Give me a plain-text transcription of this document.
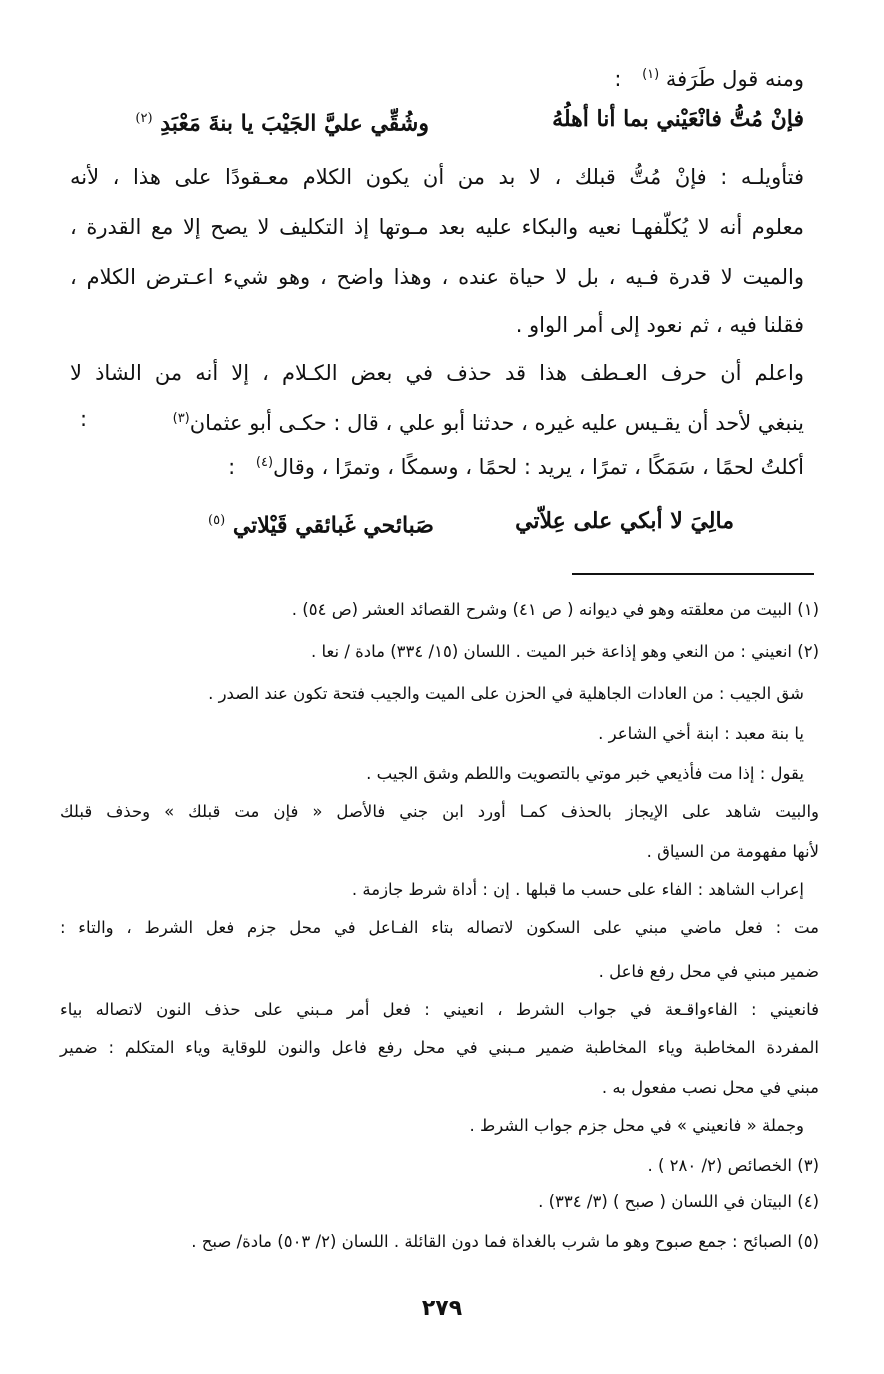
ومنه قول طَرَفة $^{(١)}$ :
فإنْ مُتُّ فانْعَيْني بما أنا أهلُهُ
وشُقِّي عليَّ الجَيْبَ يا بنةَ مَعْبَدِ $^{(٢)}$
فتأويلـه : فإنْ مُتُّ قبلك ، لا بد من أن يكون الكلام معـقودًا على هذا ، لأنه
معلوم أنه لا يُكلّفهـا نعيه والبكاء عليه بعد مـوتها إذ التكليف لا يصح إلا مع القدرة ،
والميت لا قدرة فـيه ، بل لا حياة عنده ، وهذا واضح ، وهو شيء اعـترض الكلام ،
فقلنا فيه ، ثم نعود إلى أمر الواو .
واعلم أن حرف العـطف هذا قد حذف في بعض الكـلام ، إلا أنه من الشاذ لا
ينبغي لأحد أن يقـيس عليه غيره ، حدثنا أبو علي ، قال : حكـى أبو عثمان$^{(٣)}$
:
أكلتُ لحمًا ، سَمَكًا ، تمرًا ، يريد : لحمًا ، وسمكًا ، وتمرًا ، وقال$^{(٤)}$ :
مالِيَ لا أبكي على عِلاّتي
صَبائحي غَبائقي قَيْلاتي $^{(٥)}$
(١) البيت من معلقته وهو في ديوانه ( ص ٤١) وشرح القصائد العشر (ص ٥٤) .
(٢) انعيني : من النعي وهو إذاعة خبر الميت . اللسان (١٥/ ٣٣٤) مادة / نعا .
شق الجيب : من العادات الجاهلية في الحزن على الميت والجيب فتحة تكون عند الصدر .
يا بنة معبد : ابنة أخي الشاعر .
يقول : إذا مت فأذيعي خبر موتي بالتصويت واللطم وشق الجيب .
والبيت شاهد على الإيجاز بالحذف كمـا أورد ابن جني فالأصل « فإن مت قبلك » وحذف قبلك
لأنها مفهومة من السياق .
إعراب الشاهد : الفاء على حسب ما قبلها . إن : أداة شرط جازمة .
مت : فعل ماضي مبني على السكون لاتصاله بتاء الفـاعل في محل جزم فعل الشرط ، والتاء :
ضمير مبني في محل رفع فاعل .
فانعيني : الفاءواقـعة في جواب الشرط ، انعيني : فعل أمر مـبني على حذف النون لاتصاله بياء
المفردة المخاطبة وياء المخاطبة ضمير مـبني في محل رفع فاعل والنون للوقاية وياء المتكلم : ضمير
مبني في محل نصب مفعول به .
وجملة « فانعيني » في محل جزم جواب الشرط .
(٣) الخصائص (٢/ ٢٨٠ ) .
(٤) البيتان في اللسان ( صبح ) (٣/ ٣٣٤) .
(٥) الصبائح : جمع صبوح وهو ما شرب بالغداة فما دون القائلة . اللسان (٢/ ٥٠٣) مادة/ صبح .
٢٧٩
